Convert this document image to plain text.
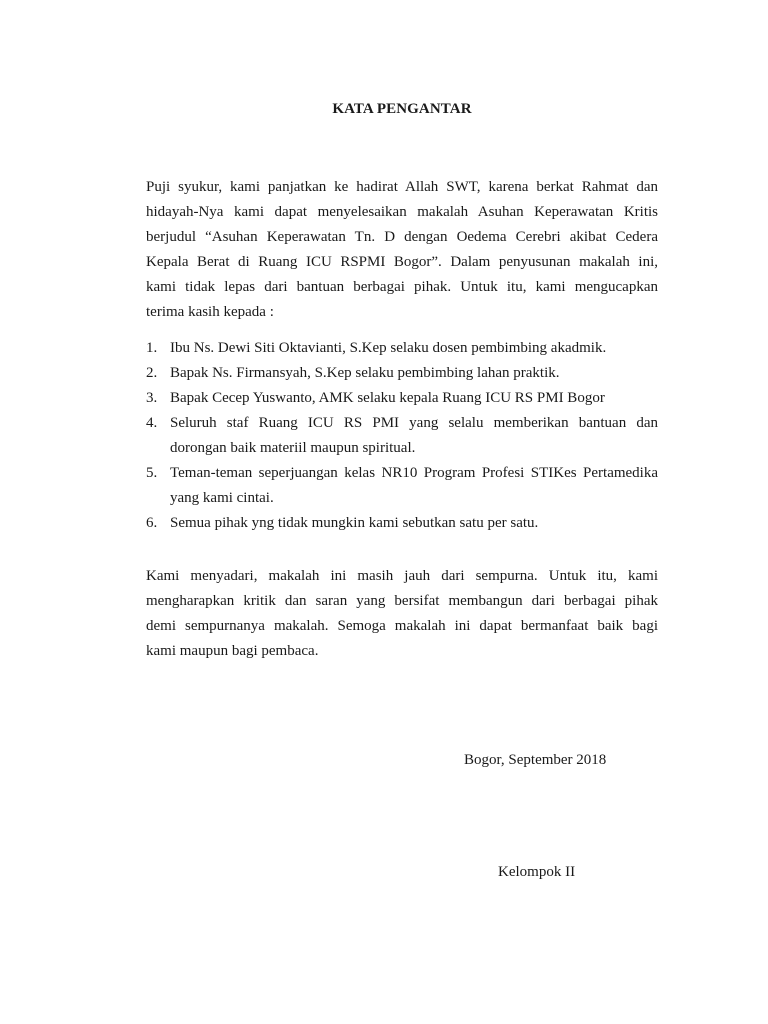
KATA PENGANTAR
Puji syukur, kami panjatkan ke hadirat Allah SWT, karena berkat Rahmat dan
hidayah-Nya kami dapat menyelesaikan makalah Asuhan Keperawatan Kritis
berjudul “Asuhan Keperawatan Tn. D dengan Oedema Cerebri akibat Cedera
Kepala Berat di Ruang ICU RSPMI Bogor”. Dalam penyusunan makalah ini,
kami tidak lepas dari bantuan berbagai pihak. Untuk itu, kami mengucapkan
terima kasih kepada :
1. Ibu Ns. Dewi Siti Oktavianti, S.Kep selaku dosen pembimbing akadmik.
2. Bapak Ns. Firmansyah, S.Kep selaku pembimbing lahan praktik.
3. Bapak Cecep Yuswanto, AMK selaku kepala Ruang ICU RS PMI Bogor
4. Seluruh staf Ruang ICU RS PMI yang selalu memberikan bantuan dan
dorongan baik materiil maupun spiritual.
5. Teman-teman seperjuangan kelas NR10 Program Profesi STIKes Pertamedika
yang kami cintai.
6. Semua pihak yng tidak mungkin kami sebutkan satu per satu.
Kami menyadari, makalah ini masih jauh dari sempurna. Untuk itu, kami
mengharapkan kritik dan saran yang bersifat membangun dari berbagai pihak
demi sempurnanya makalah. Semoga makalah ini dapat bermanfaat baik bagi
kami maupun bagi pembaca.
Bogor, September 2018
Kelompok II
